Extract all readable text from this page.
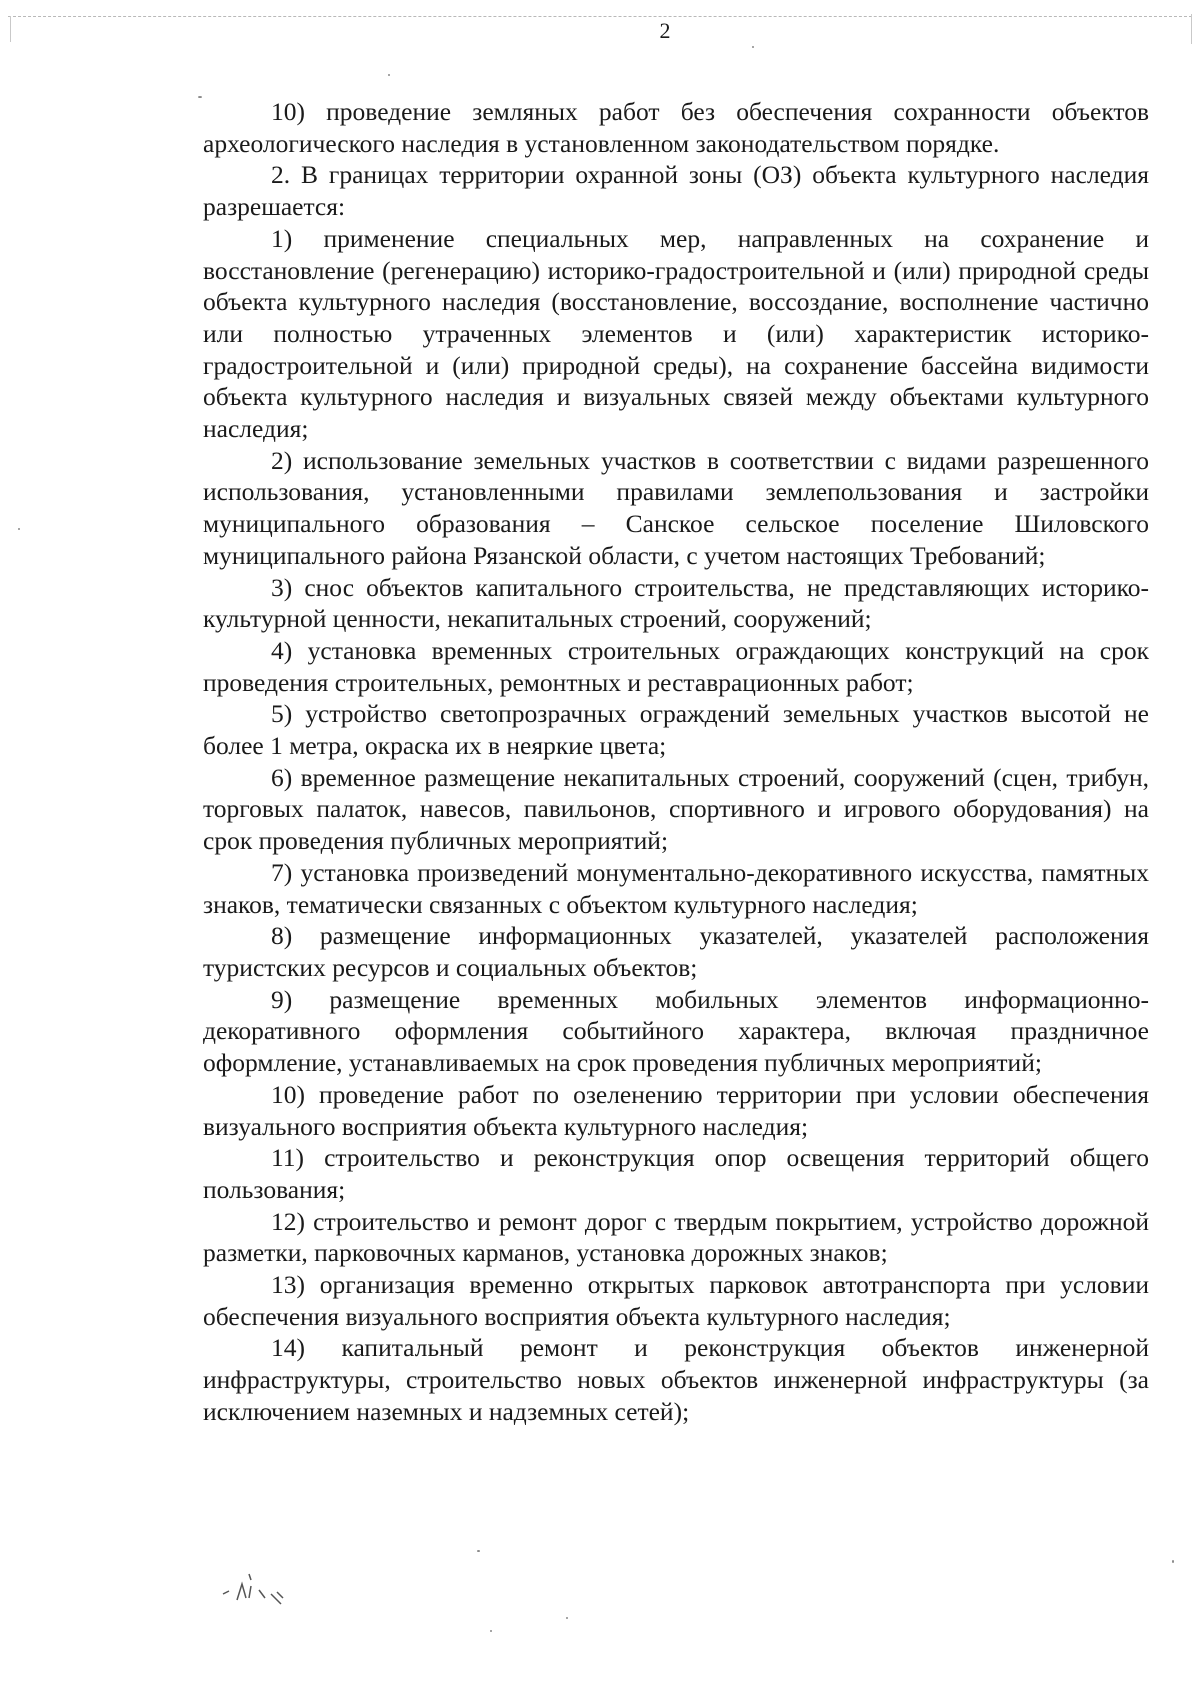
2

10) проведение земляных работ без обеспечения сохранности объектов археологического наследия в установленном законодательством порядке.

2. В границах территории охранной зоны (ОЗ) объекта культурного наследия разрешается:

1) применение специальных мер, направленных на сохранение и восстановление (регенерацию) историко-градостроительной и (или) природной среды объекта культурного наследия (восстановление, воссоздание, восполнение частично или полностью утраченных элементов и (или) характеристик историко-градостроительной и (или) природной среды), на сохранение бассейна видимости объекта культурного наследия и визуальных связей между объектами культурного наследия;

2) использование земельных участков в соответствии с видами разрешенного использования, установленными правилами землепользования и застройки муниципального образования – Санское сельское поселение Шиловского муниципального района Рязанской области, с учетом настоящих Требований;

3) снос объектов капитального строительства, не представляющих историко-культурной ценности, некапитальных строений, сооружений;

4) установка временных строительных ограждающих конструкций на срок проведения строительных, ремонтных и реставрационных работ;

5) устройство светопрозрачных ограждений земельных участков высотой не более 1 метра, окраска их в неяркие цвета;

6) временное размещение некапитальных строений, сооружений (сцен, трибун, торговых палаток, навесов, павильонов, спортивного и игрового оборудования) на срок проведения публичных мероприятий;

7) установка произведений монументально-декоративного искусства, памятных знаков, тематически связанных с объектом культурного наследия;

8) размещение информационных указателей, указателей расположения туристских ресурсов и социальных объектов;

9) размещение временных мобильных элементов информационно-декоративного оформления событийного характера, включая праздничное оформление, устанавливаемых на срок проведения публичных мероприятий;

10) проведение работ по озеленению территории при условии обеспечения визуального восприятия объекта культурного наследия;

11) строительство и реконструкция опор освещения территорий общего пользования;

12) строительство и ремонт дорог с твердым покрытием, устройство дорожной разметки, парковочных карманов, установка дорожных знаков;

13) организация временно открытых парковок автотранспорта при условии обеспечения визуального восприятия объекта культурного наследия;

14) капитальный ремонт и реконструкция объектов инженерной инфраструктуры, строительство новых объектов инженерной инфраструктуры (за исключением наземных и надземных сетей);
